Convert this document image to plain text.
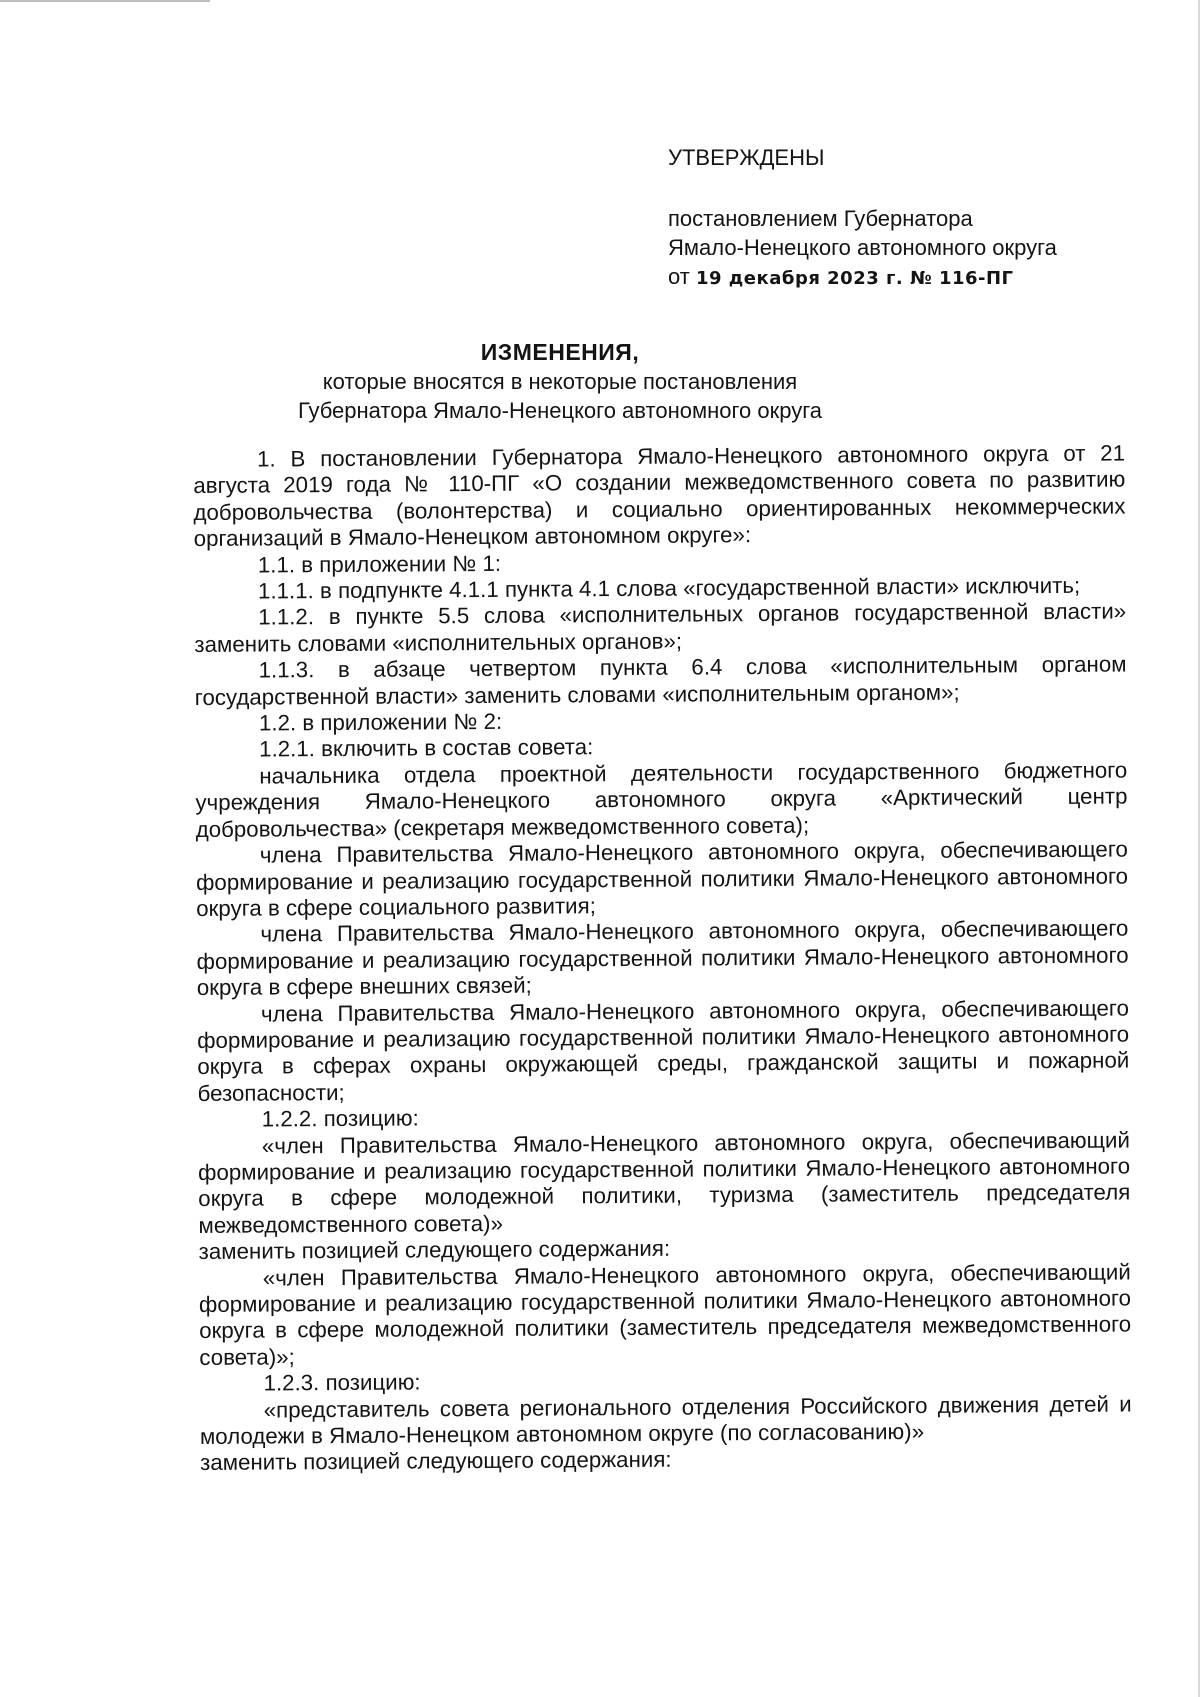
УТВЕРЖДЕНЫ
постановлением Губернатора
Ямало-Ненецкого автономного округа
от 19 декабря 2023 г. № 116-ПГ
ИЗМЕНЕНИЯ,
которые вносятся в некоторые постановления
Губернатора Ямало-Ненецкого автономного округа

1. В постановлении Губернатора Ямало-Ненецкого автономного округа от 21 августа 2019 года № 110-ПГ «О создании межведомственного совета по развитию добровольчества (волонтерства) и социально ориентированных некоммерческих организаций в Ямало-Ненецком автономном округе»:

1.1. в приложении № 1:

1.1.1. в подпункте 4.1.1 пункта 4.1 слова «государственной власти» исключить;

1.1.2. в пункте 5.5 слова «исполнительных органов государственной власти» заменить словами «исполнительных органов»;

1.1.3. в абзаце четвертом пункта 6.4 слова «исполнительным органом государственной власти» заменить словами «исполнительным органом»;

1.2. в приложении № 2:

1.2.1. включить в состав совета:

начальника отдела проектной деятельности государственного бюджетного учреждения Ямало-Ненецкого автономного округа «Арктический центр добровольчества» (секретаря межведомственного совета);

члена Правительства Ямало-Ненецкого автономного округа, обеспечивающего формирование и реализацию государственной политики Ямало-Ненецкого автономного округа в сфере социального развития;

члена Правительства Ямало-Ненецкого автономного округа, обеспечивающего формирование и реализацию государственной политики Ямало-Ненецкого автономного округа в сфере внешних связей;

члена Правительства Ямало-Ненецкого автономного округа, обеспечивающего формирование и реализацию государственной политики Ямало-Ненецкого автономного округа в сферах охраны окружающей среды, гражданской защиты и пожарной безопасности;

1.2.2. позицию:

«член Правительства Ямало-Ненецкого автономного округа, обеспечивающий формирование и реализацию государственной политики Ямало-Ненецкого автономного округа в сфере молодежной политики, туризма (заместитель председателя межведомственного совета)»

заменить позицией следующего содержания:

«член Правительства Ямало-Ненецкого автономного округа, обеспечивающий формирование и реализацию государственной политики Ямало-Ненецкого автономного округа в сфере молодежной политики (заместитель председателя межведомственного совета)»;

1.2.3. позицию:

«представитель совета регионального отделения Российского движения детей и молодежи в Ямало-Ненецком автономном округе (по согласованию)»

заменить позицией следующего содержания:
